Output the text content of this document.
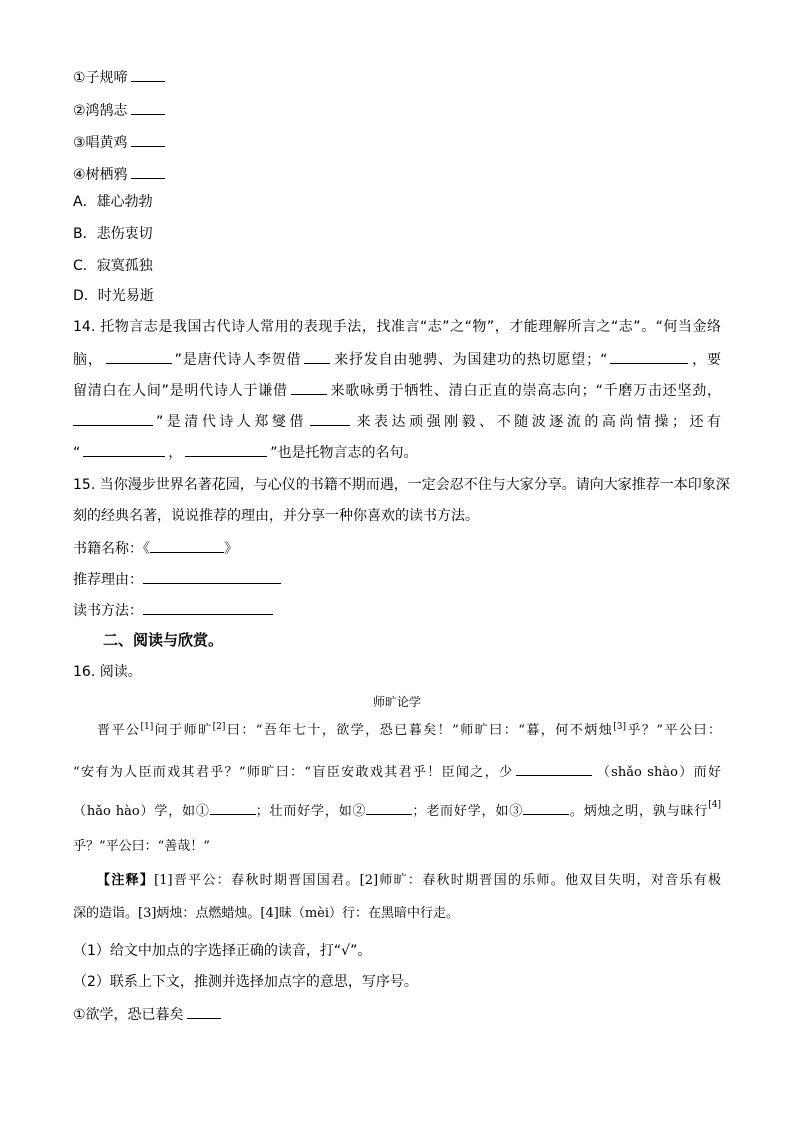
①子规啼
②鸿鹄志
③唱黄鸡
④树栖鸦
A．雄心勃勃
B．悲伤衷切
C．寂寞孤独
D．时光易逝
14. 托物言志是我国古代诗人常用的表现手法，找准言“志”之“物”，才能理解所言之“志”。“何当金络
脑，	”是唐代诗人李贺借 来抒发自由驰骋、为国建功的热切愿望；“	，要
留清白在人间”是明代诗人于谦借	来歌咏勇于牺牲、清白正直的崇高志向；“千磨万击还坚劲，
”是清代诗人郑燮借	来表达顽强刚毅、不随波逐流的高尚情操；还有
“	，	”也是托物言志的名句。
15. 当你漫步世界名著花园，与心仪的书籍不期而遇，一定会忍不住与大家分享。请向大家推荐一本印象深
刻的经典名著，说说推荐的理由，并分享一种你喜欢的读书方法。
书籍名称：《	》
推荐理由：
读书方法：
二、阅读与欣赏。
16. 阅读。
师旷论学
晋平公[1]问于师旷[2]曰：“吾年七十，欲学，恐已暮矣！”师旷曰：“暮，何不炳烛[3]乎？”平公曰：
“安有为人臣而戏其君乎？”师旷曰：“盲臣安敢戏其君乎！臣闻之，少	（shǎo shào）而好
（hǎo hào）学，如①	；壮而好学，如②	；老而好学，如③	。炳烛之明，孰与昧行[4]
乎？”平公曰：“善哉！”
【注释】[1]晋平公：春秋时期晋国国君。[2]师旷：春秋时期晋国的乐师。他双目失明，对音乐有极
深的造诣。[3]炳烛：点燃蜡烛。[4]昧（mèi）行：在黑暗中行走。
（1）给文中加点的字选择正确的读音，打“√”。
（2）联系上下文，推测并选择加点字的意思，写序号。
①欲学，恐已暮矣
